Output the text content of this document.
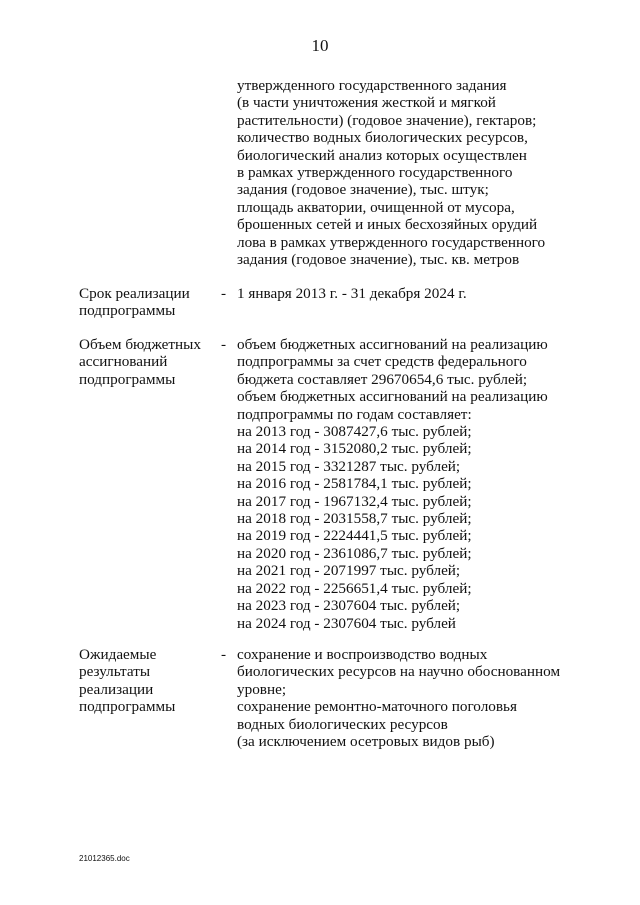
10
утвержденного государственного задания
(в части уничтожения жесткой и мягкой
растительности) (годовое значение), гектаров;
количество водных биологических ресурсов,
биологический анализ которых осуществлен
в рамках утвержденного государственного
задания (годовое значение), тыс. штук;
площадь акватории, очищенной от мусора,
брошенных сетей и иных бесхозяйных орудий
лова в рамках утвержденного государственного
задания (годовое значение), тыс. кв. метров
Срок реализации
подпрограммы
- 1 января 2013 г. - 31 декабря 2024 г.
Объем бюджетных
ассигнований
подпрограммы
- объем бюджетных ассигнований на реализацию
подпрограммы за счет средств федерального
бюджета составляет 29670654,6 тыс. рублей;
объем бюджетных ассигнований на реализацию
подпрограммы по годам составляет:
на 2013 год - 3087427,6 тыс. рублей;
на 2014 год - 3152080,2 тыс. рублей;
на 2015 год - 3321287 тыс. рублей;
на 2016 год - 2581784,1 тыс. рублей;
на 2017 год - 1967132,4 тыс. рублей;
на 2018 год - 2031558,7 тыс. рублей;
на 2019 год - 2224441,5 тыс. рублей;
на 2020 год - 2361086,7 тыс. рублей;
на 2021 год - 2071997 тыс. рублей;
на 2022 год - 2256651,4 тыс. рублей;
на 2023 год - 2307604 тыс. рублей;
на 2024 год - 2307604 тыс. рублей
Ожидаемые
результаты
реализации
подпрограммы
- сохранение и воспроизводство водных
биологических ресурсов на научно обоснованном
уровне;
сохранение ремонтно-маточного поголовья
водных биологических ресурсов
(за исключением осетровых видов рыб)
21012365.doc
